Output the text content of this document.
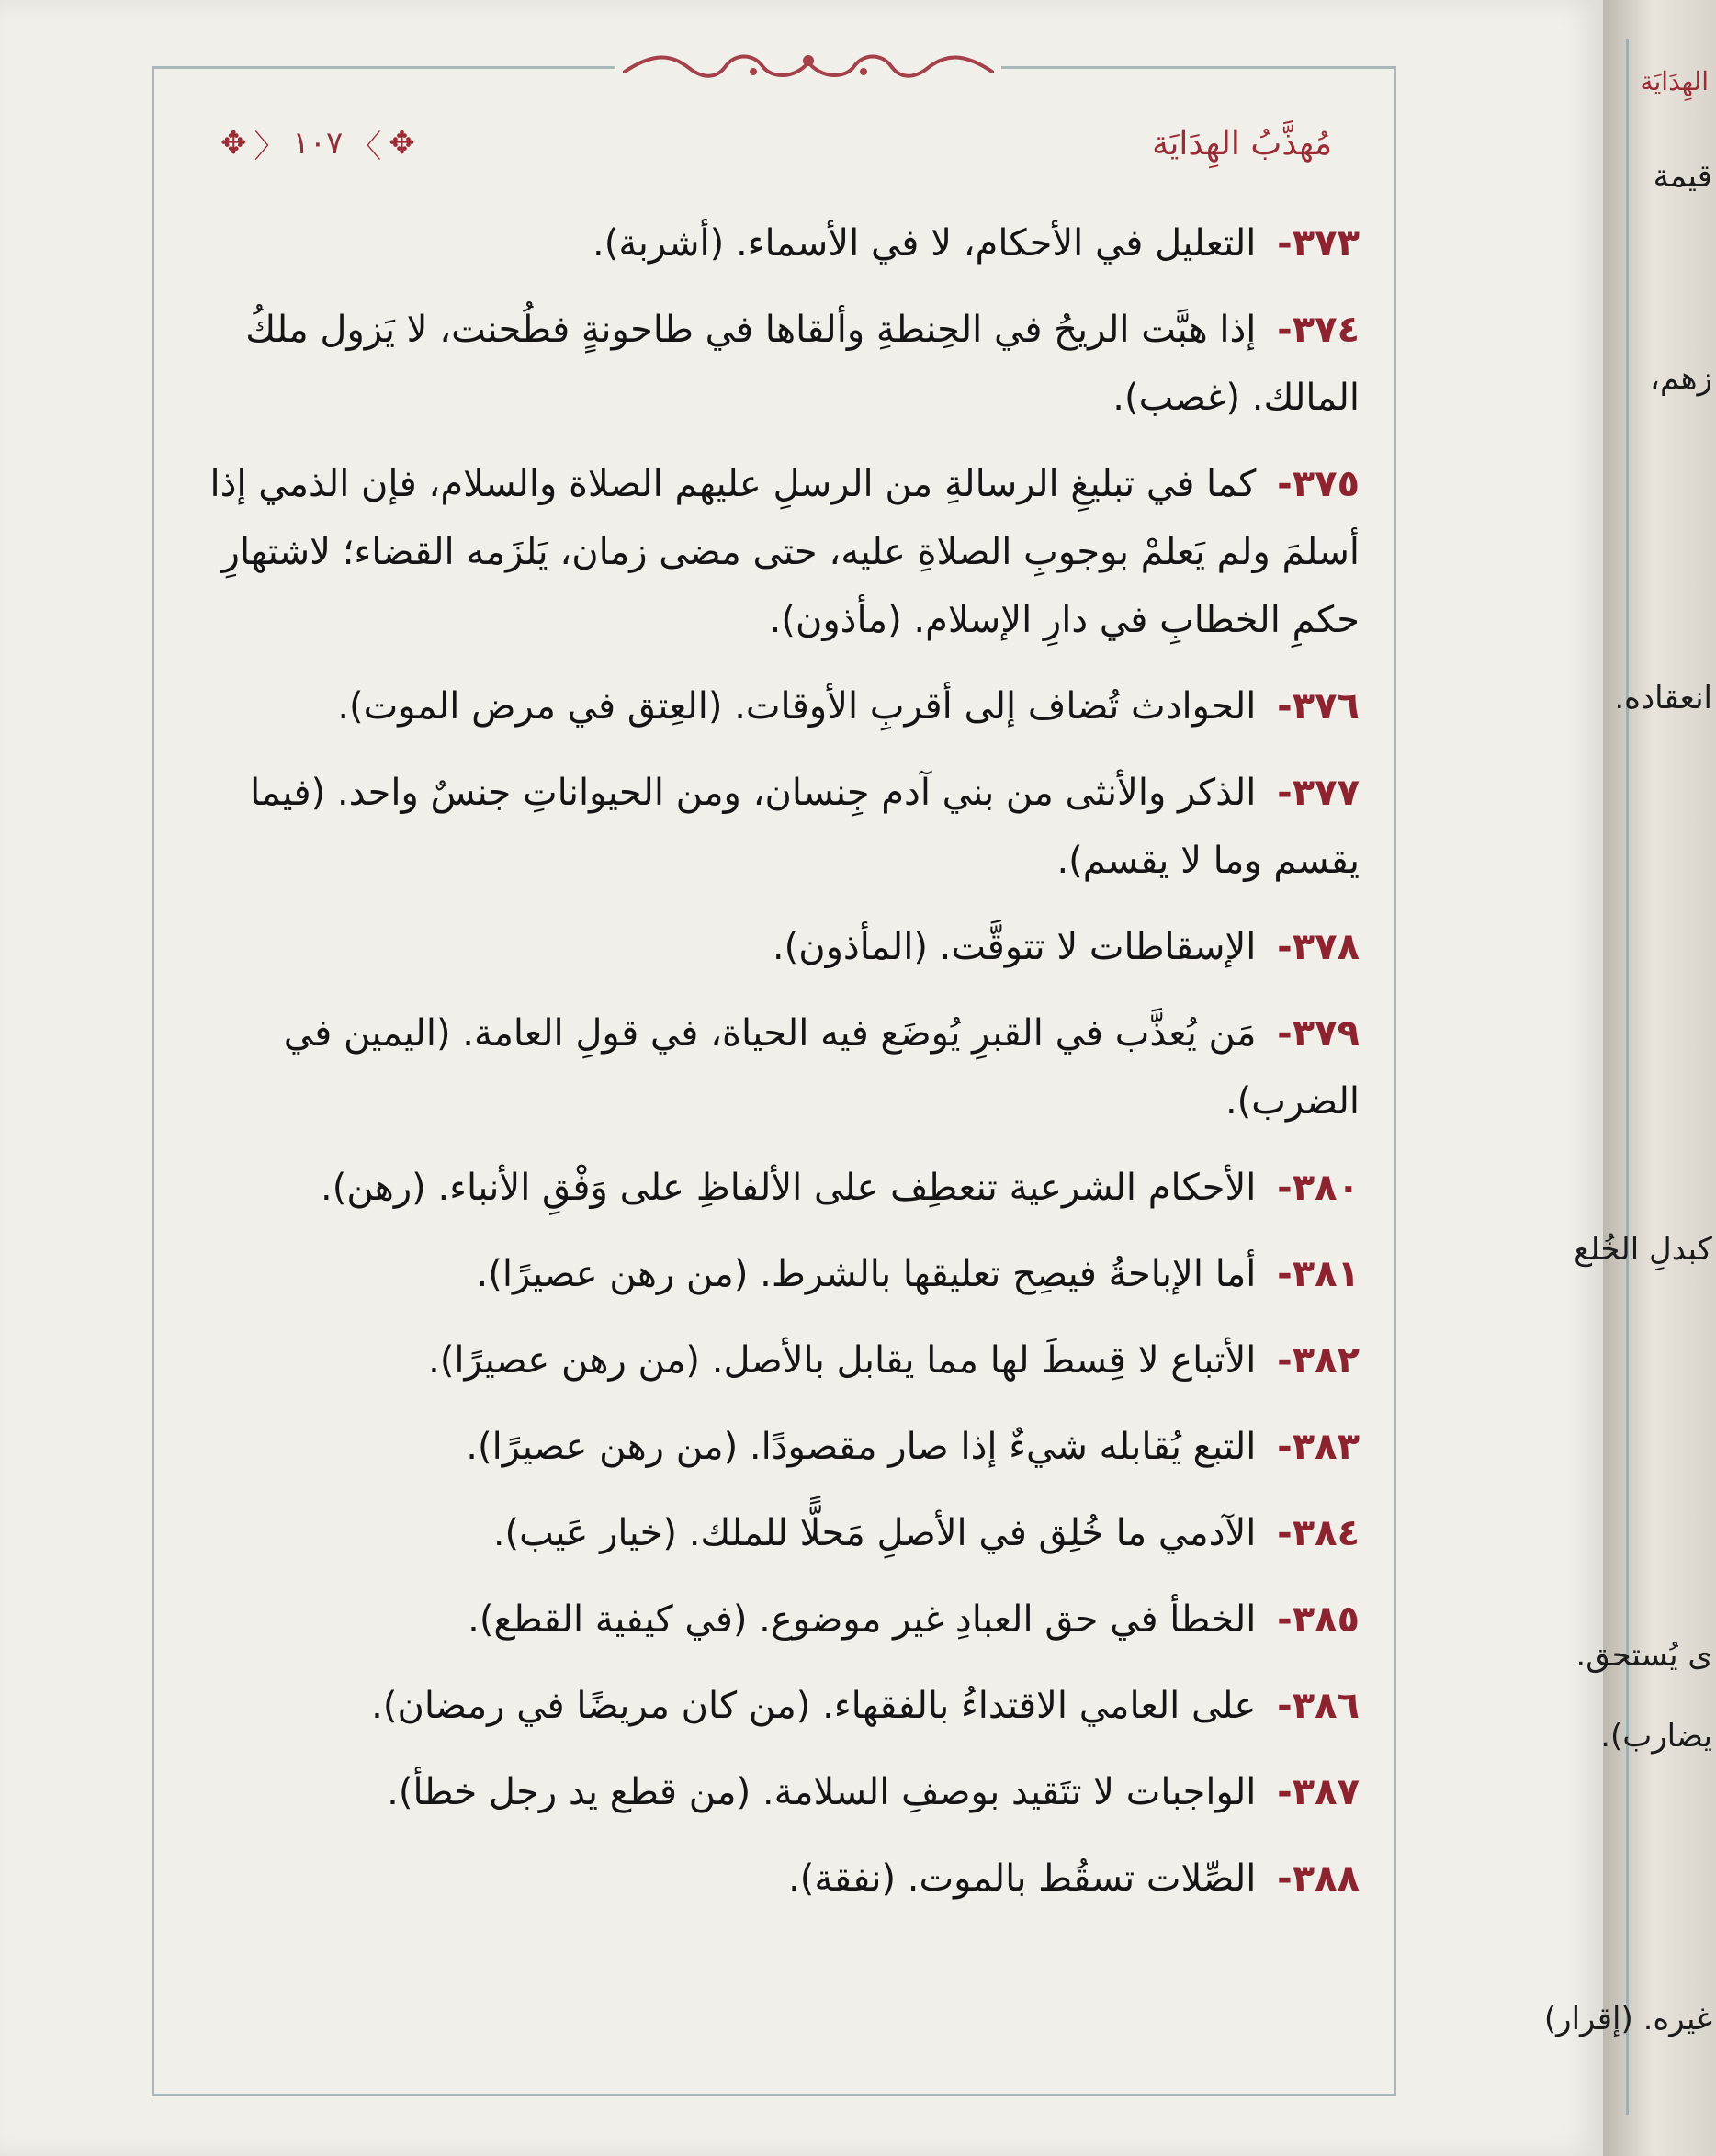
مُهذَّبُ الهِدَايَة
✥ 〉 ١٠٧ 〈 ✥
٣٧٣- التعليل في الأحكام، لا في الأسماء. (أشربة).
٣٧٤- إذا هبَّت الريحُ في الحِنطةِ وألقاها في طاحونةٍ فطُحنت، لا يَزول ملكُ المالك. (غصب).
٣٧٥- كما في تبليغِ الرسالةِ من الرسلِ عليهم الصلاة والسلام، فإن الذمي إذا أسلمَ ولم يَعلمْ بوجوبِ الصلاةِ عليه، حتى مضى زمان، يَلزَمه القضاء؛ لاشتهارِ حكمِ الخطابِ في دارِ الإسلام. (مأذون).
٣٧٦- الحوادث تُضاف إلى أقربِ الأوقات. (العِتق في مرض الموت).
٣٧٧- الذكر والأنثى من بني آدم جِنسان، ومن الحيواناتِ جنسٌ واحد. (فيما يقسم وما لا يقسم).
٣٧٨- الإسقاطات لا تتوقَّت. (المأذون).
٣٧٩- مَن يُعذَّب في القبرِ يُوضَع فيه الحياة، في قولِ العامة. (اليمين في الضرب).
٣٨٠- الأحكام الشرعية تنعطِف على الألفاظِ على وَفْقِ الأنباء. (رهن).
٣٨١- أما الإباحةُ فيصِح تعليقها بالشرط. (من رهن عصيرًا).
٣٨٢- الأتباع لا قِسطَ لها مما يقابل بالأصل. (من رهن عصيرًا).
٣٨٣- التبع يُقابله شيءٌ إذا صار مقصودًا. (من رهن عصيرًا).
٣٨٤- الآدمي ما خُلِق في الأصلِ مَحلًّا للملك. (خيار عَيب).
٣٨٥- الخطأ في حق العبادِ غير موضوع. (في كيفية القطع).
٣٨٦- على العامي الاقتداءُ بالفقهاء. (من كان مريضًا في رمضان).
٣٨٧- الواجبات لا تتَقيد بوصفِ السلامة. (من قطع يد رجل خطأ).
٣٨٨- الصِّلات تسقُط بالموت. (نفقة).
الهِدَايَة
قيمة
زهم،
انعقاده.
كبدلِ الخُلع
ى يُستحق.
يضارب).
غيره. (إقرار)
